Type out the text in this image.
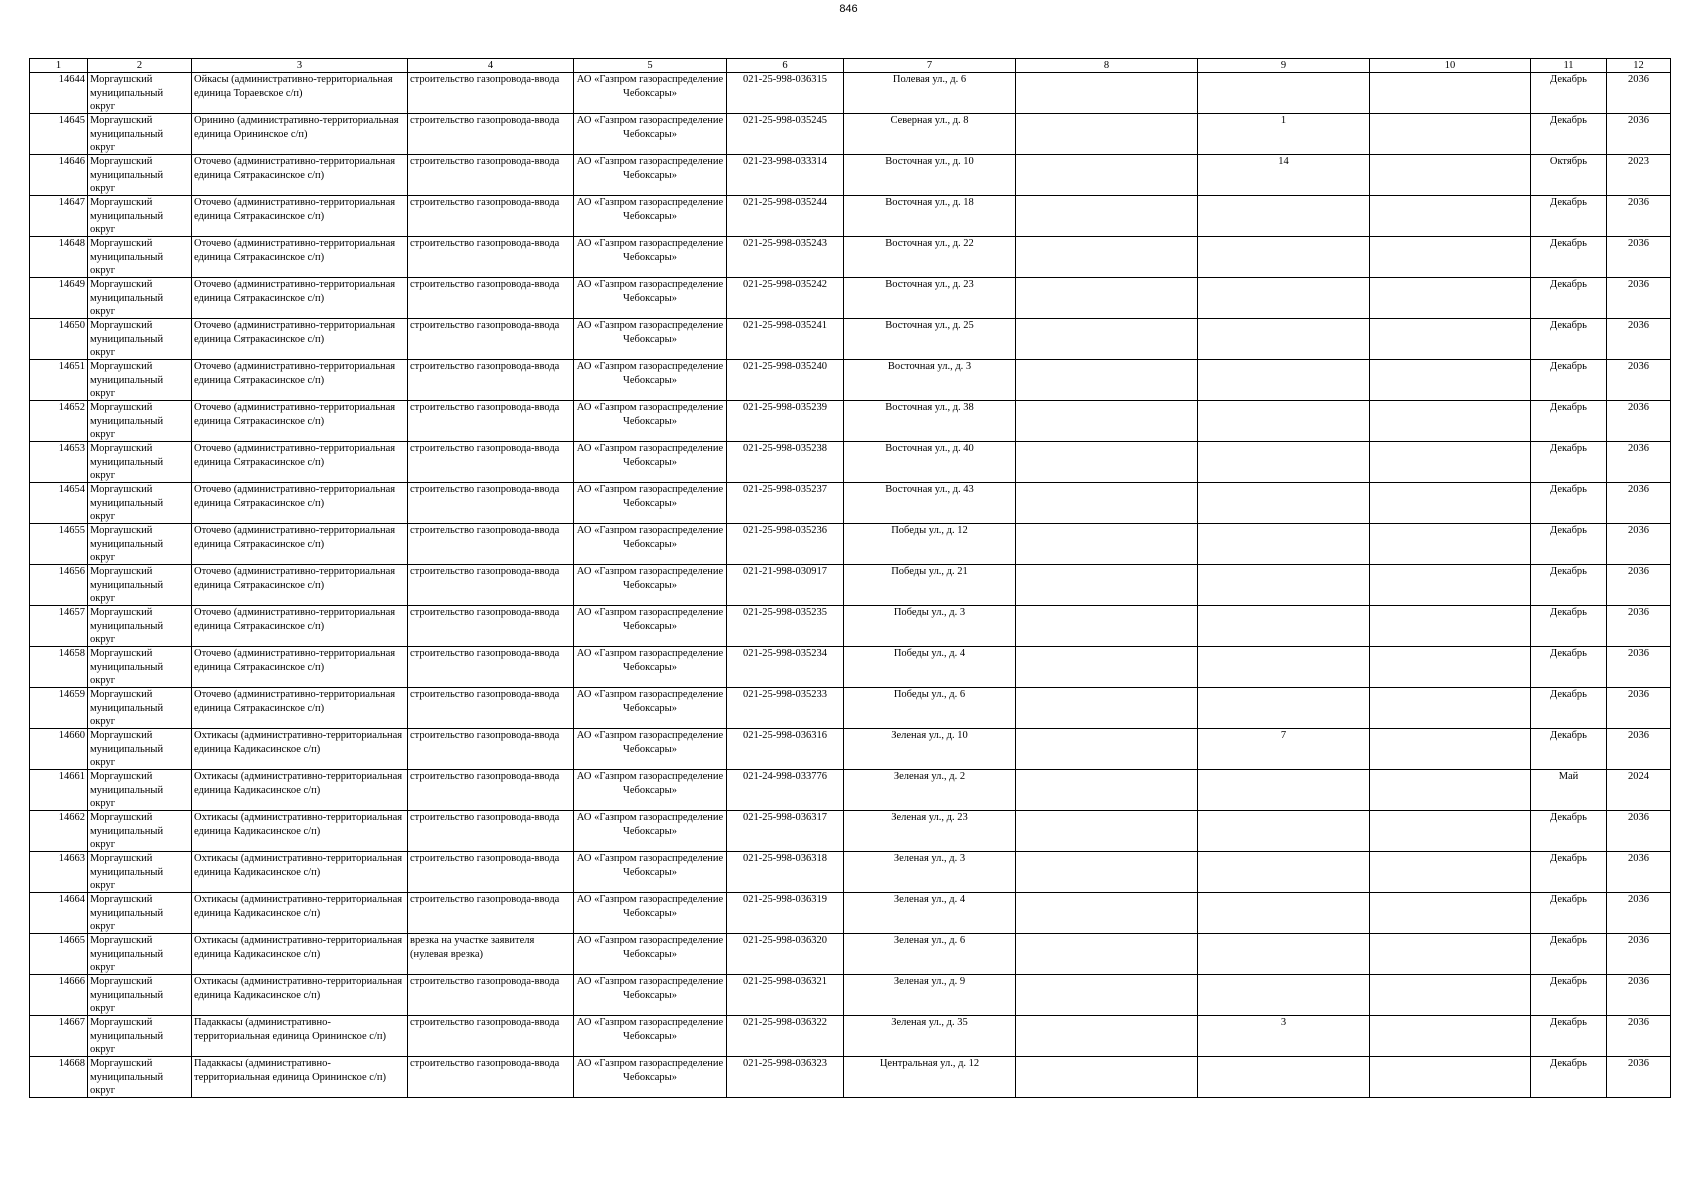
846
1	2	3	4	5	6	7	8	9	10	11	12

14644	Моргаушский муниципальный округ	Ойкасы (административно-территориальная единица Тораевское с/п)	строительство газопровода-ввода	АО «Газпром газораспределение Чебоксары»	021-25-998-036315	Полевая ул., д. 6				Декабрь	2036

14645	Моргаушский муниципальный округ	Оринино (административно-территориальная единица Орининское с/п)	строительство газопровода-ввода	АО «Газпром газораспределение Чебоксары»	021-25-998-035245	Северная ул., д. 8		1		Декабрь	2036

14646	Моргаушский муниципальный округ	Оточево (административно-территориальная единица Сятракасинское с/п)	строительство газопровода-ввода	АО «Газпром газораспределение Чебоксары»	021-23-998-033314	Восточная ул., д. 10		14		Октябрь	2023

14647	Моргаушский муниципальный округ	Оточево (административно-территориальная единица Сятракасинское с/п)	строительство газопровода-ввода	АО «Газпром газораспределение Чебоксары»	021-25-998-035244	Восточная ул., д. 18				Декабрь	2036

14648	Моргаушский муниципальный округ	Оточево (административно-территориальная единица Сятракасинское с/п)	строительство газопровода-ввода	АО «Газпром газораспределение Чебоксары»	021-25-998-035243	Восточная ул., д. 22				Декабрь	2036

14649	Моргаушский муниципальный округ	Оточево (административно-территориальная единица Сятракасинское с/п)	строительство газопровода-ввода	АО «Газпром газораспределение Чебоксары»	021-25-998-035242	Восточная ул., д. 23				Декабрь	2036

14650	Моргаушский муниципальный округ	Оточево (административно-территориальная единица Сятракасинское с/п)	строительство газопровода-ввода	АО «Газпром газораспределение Чебоксары»	021-25-998-035241	Восточная ул., д. 25				Декабрь	2036

14651	Моргаушский муниципальный округ	Оточево (административно-территориальная единица Сятракасинское с/п)	строительство газопровода-ввода	АО «Газпром газораспределение Чебоксары»	021-25-998-035240	Восточная ул., д. 3				Декабрь	2036

14652	Моргаушский муниципальный округ	Оточево (административно-территориальная единица Сятракасинское с/п)	строительство газопровода-ввода	АО «Газпром газораспределение Чебоксары»	021-25-998-035239	Восточная ул., д. 38				Декабрь	2036

14653	Моргаушский муниципальный округ	Оточево (административно-территориальная единица Сятракасинское с/п)	строительство газопровода-ввода	АО «Газпром газораспределение Чебоксары»	021-25-998-035238	Восточная ул., д. 40				Декабрь	2036

14654	Моргаушский муниципальный округ	Оточево (административно-территориальная единица Сятракасинское с/п)	строительство газопровода-ввода	АО «Газпром газораспределение Чебоксары»	021-25-998-035237	Восточная ул., д. 43				Декабрь	2036

14655	Моргаушский муниципальный округ	Оточево (административно-территориальная единица Сятракасинское с/п)	строительство газопровода-ввода	АО «Газпром газораспределение Чебоксары»	021-25-998-035236	Победы ул., д. 12				Декабрь	2036

14656	Моргаушский муниципальный округ	Оточево (административно-территориальная единица Сятракасинское с/п)	строительство газопровода-ввода	АО «Газпром газораспределение Чебоксары»	021-21-998-030917	Победы ул., д. 21				Декабрь	2036

14657	Моргаушский муниципальный округ	Оточево (административно-территориальная единица Сятракасинское с/п)	строительство газопровода-ввода	АО «Газпром газораспределение Чебоксары»	021-25-998-035235	Победы ул., д. 3				Декабрь	2036

14658	Моргаушский муниципальный округ	Оточево (административно-территориальная единица Сятракасинское с/п)	строительство газопровода-ввода	АО «Газпром газораспределение Чебоксары»	021-25-998-035234	Победы ул., д. 4				Декабрь	2036

14659	Моргаушский муниципальный округ	Оточево (административно-территориальная единица Сятракасинское с/п)	строительство газопровода-ввода	АО «Газпром газораспределение Чебоксары»	021-25-998-035233	Победы ул., д. 6				Декабрь	2036

14660	Моргаушский муниципальный округ	Охтикасы (административно-территориальная единица Кадикасинское с/п)	строительство газопровода-ввода	АО «Газпром газораспределение Чебоксары»	021-25-998-036316	Зеленая ул., д. 10		7		Декабрь	2036

14661	Моргаушский муниципальный округ	Охтикасы (административно-территориальная единица Кадикасинское с/п)	строительство газопровода-ввода	АО «Газпром газораспределение Чебоксары»	021-24-998-033776	Зеленая ул., д. 2				Май	2024

14662	Моргаушский муниципальный округ	Охтикасы (административно-территориальная единица Кадикасинское с/п)	строительство газопровода-ввода	АО «Газпром газораспределение Чебоксары»	021-25-998-036317	Зеленая ул., д. 23				Декабрь	2036

14663	Моргаушский муниципальный округ	Охтикасы (административно-территориальная единица Кадикасинское с/п)	строительство газопровода-ввода	АО «Газпром газораспределение Чебоксары»	021-25-998-036318	Зеленая ул., д. 3				Декабрь	2036

14664	Моргаушский муниципальный округ	Охтикасы (административно-территориальная единица Кадикасинское с/п)	строительство газопровода-ввода	АО «Газпром газораспределение Чебоксары»	021-25-998-036319	Зеленая ул., д. 4				Декабрь	2036

14665	Моргаушский муниципальный округ	Охтикасы (административно-территориальная единица Кадикасинское с/п)	врезка на участке заявителя (нулевая врезка)	АО «Газпром газораспределение Чебоксары»	021-25-998-036320	Зеленая ул., д. 6				Декабрь	2036

14666	Моргаушский муниципальный округ	Охтикасы (административно-территориальная единица Кадикасинское с/п)	строительство газопровода-ввода	АО «Газпром газораспределение Чебоксары»	021-25-998-036321	Зеленая ул., д. 9				Декабрь	2036

14667	Моргаушский муниципальный округ	Падаккасы (административно-территориальная единица Орининское с/п)	строительство газопровода-ввода	АО «Газпром газораспределение Чебоксары»	021-25-998-036322	Зеленая ул., д. 35		3		Декабрь	2036

14668	Моргаушский муниципальный округ	Падаккасы (административно-территориальная единица Орининское с/п)	строительство газопровода-ввода	АО «Газпром газораспределение Чебоксары»	021-25-998-036323	Центральная ул., д. 12				Декабрь	2036
